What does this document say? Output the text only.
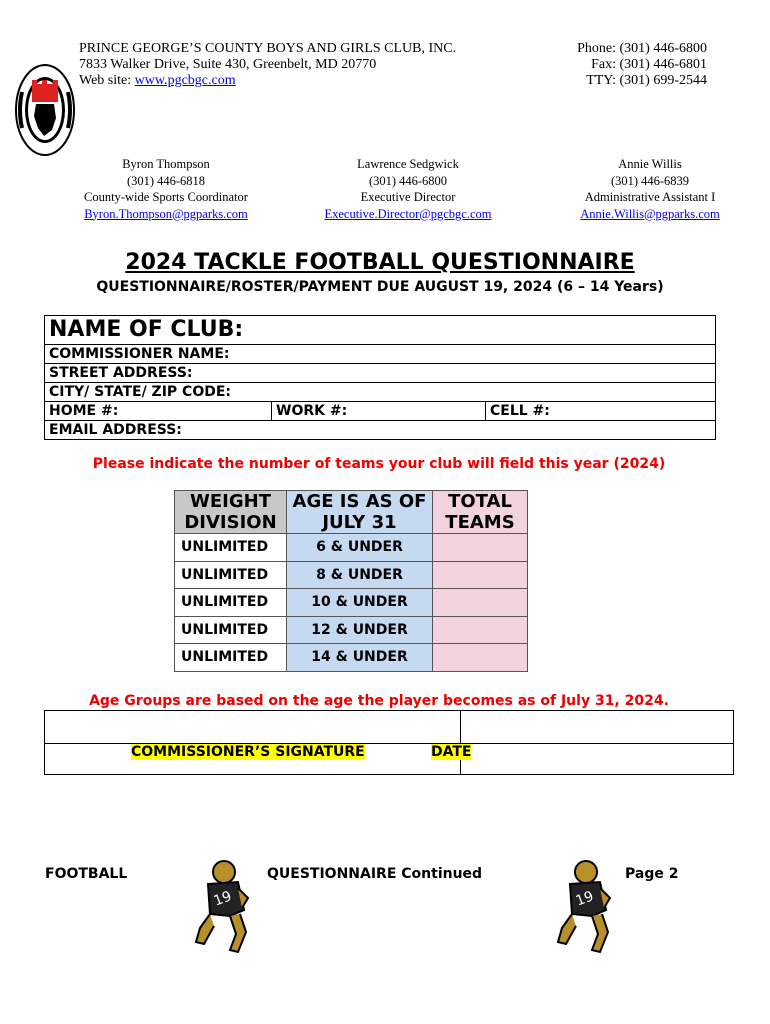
PRINCE GEORGE’S COUNTY BOYS AND GIRLS CLUB, INC.
7833 Walker Drive, Suite 430, Greenbelt, MD 20770
Web site: www.pgcbgc.com
Phone: (301) 446-6800
Fax: (301) 446-6801
TTY: (301) 699-2544
Byron Thompson
(301) 446-6818
County-wide Sports Coordinator
Byron.Thompson@pgparks.com
Lawrence Sedgwick
(301) 446-6800
Executive Director
Executive.Director@pgcbgc.com
Annie Willis
(301) 446-6839
Administrative Assistant I
Annie.Willis@pgparks.com
2024 TACKLE FOOTBALL QUESTIONNAIRE
QUESTIONNAIRE/ROSTER/PAYMENT DUE AUGUST 19, 2024 (6 – 14 Years)
NAME OF CLUB:
COMMISSIONER NAME:
STREET ADDRESS:
CITY/ STATE/ ZIP CODE:
HOME #:	WORK #:	CELL #:
EMAIL ADDRESS:
Please indicate the number of teams your club will field this year (2024)
WEIGHT DIVISION	AGE IS AS OF JULY 31	TOTAL TEAMS
UNLIMITED	6 & UNDER	
UNLIMITED	8 & UNDER	
UNLIMITED	10 & UNDER	
UNLIMITED	12 & UNDER	
UNLIMITED	14 & UNDER	
Age Groups are based on the age the player becomes as of July 31, 2024.
COMMISSIONER’S SIGNATURE	DATE
FOOTBALL
19
QUESTIONNAIRE Continued
19
Page 2
